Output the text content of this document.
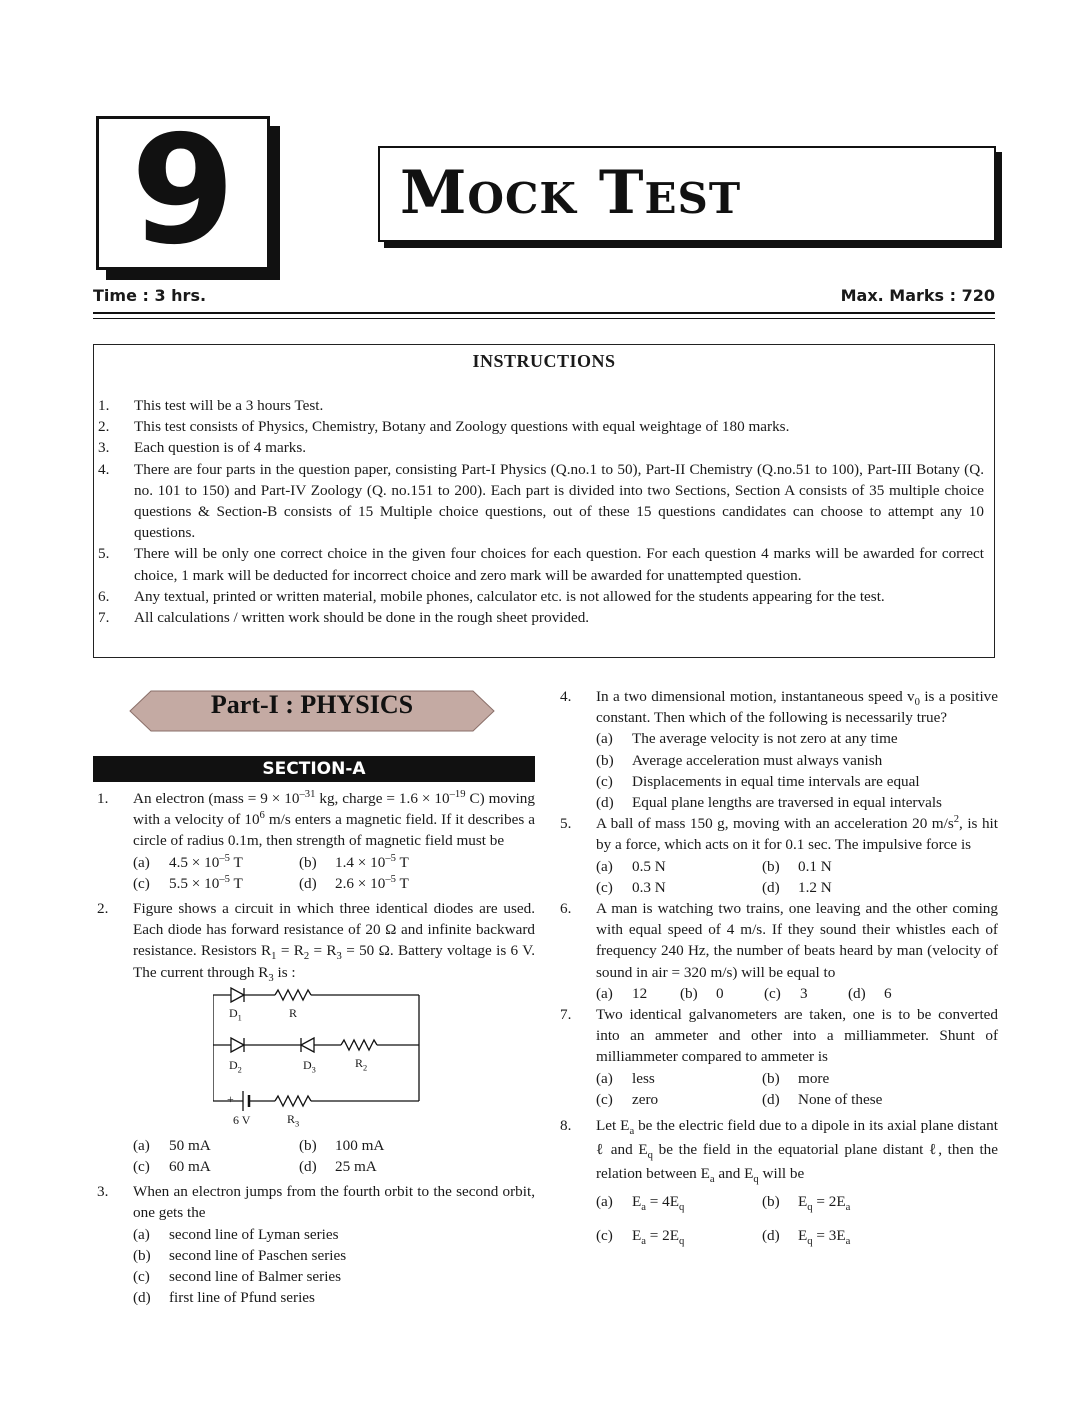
9	Mock Test
Time : 3 hrs.	Max. Marks : 720
INSTRUCTIONS
1. This test will be a 3 hours Test.
2. This test consists of Physics, Chemistry, Botany and Zoology questions with equal weightage of 180 marks.
3. Each question is of 4 marks.
4. There are four parts in the question paper, consisting Part-I Physics (Q.no.1 to 50), Part-II Chemistry (Q.no.51 to 100), Part-III Botany (Q. no. 101 to 150) and Part-IV Zoology (Q. no.151 to 200). Each part is divided into two Sections, Section A consists of 35 multiple choice questions & Section-B consists of 15 Multiple choice questions, out of these 15 questions candidates can choose to attempt any 10 questions.
5. There will be only one correct choice in the given four choices for each question. For each question 4 marks will be awarded for correct choice, 1 mark will be deducted for incorrect choice and zero mark will be awarded for unattempted question.
6. Any textual, printed or written material, mobile phones, calculator etc. is not allowed for the students appearing for the test.
7. All calculations / written work should be done in the rough sheet provided.
Part-I : PHYSICS
SECTION-A
1. An electron (mass = $9 \times 10^{-31}$ kg, charge = $1.6 \times 10^{-19}$ C) moving with a velocity of $10^6$ m/s enters a magnetic field. If it describes a circle of radius 0.1m, then strength of magnetic field must be
(a) $4.5 \times 10^{-5}$ T	(b) $1.4 \times 10^{-5}$ T
(c) $5.5 \times 10^{-5}$ T	(d) $2.6 \times 10^{-5}$ T
2. Figure shows a circuit in which three identical diodes are used. Each diode has forward resistance of 20 Ω and infinite backward resistance. Resistors $R_1 = R_2 = R_3 = 50$ Ω. Battery voltage is 6 V. The current through $R_3$ is :
$D_1$	R
$D_2$	$D_3$	$R_2$
+
6 V	$R_3$
(a) 50 mA	(b) 100 mA
(c) 60 mA	(d) 25 mA
3. When an electron jumps from the fourth orbit to the second orbit, one gets the
(a) second line of Lyman series
(b) second line of Paschen series
(c) second line of Balmer series
(d) first line of Pfund series
4. In a two dimensional motion, instantaneous speed $v_0$ is a positive constant. Then which of the following is necessarily true?
(a) The average velocity is not zero at any time
(b) Average acceleration must always vanish
(c) Displacements in equal time intervals are equal
(d) Equal plane lengths are traversed in equal intervals
5. A ball of mass 150 g, moving with an acceleration 20 $m/s^2$, is hit by a force, which acts on it for 0.1 sec. The impulsive force is
(a) 0.5 N	(b) 0.1 N
(c) 0.3 N	(d) 1.2 N
6. A man is watching two trains, one leaving and the other coming with equal speed of 4 m/s. If they sound their whistles each of frequency 240 Hz, the number of beats heard by man (velocity of sound in air = 320 m/s) will be equal to
(a) 12	(b) 0	(c) 3	(d) 6
7. Two identical galvanometers are taken, one is to be converted into an ammeter and other into a milliammeter. Shunt of milliammeter compared to ammeter is
(a) less	(b) more
(c) zero	(d) None of these
8. Let $E_a$ be the electric field due to a dipole in its axial plane distant ℓ and $E_q$ be the field in the equatorial plane distant ℓ, then the relation between $E_a$ and $E_q$ will be
(a) $E_a = 4E_q$	(b) $E_q = 2E_a$
(c) $E_a = 2E_q$	(d) $E_q = 3E_a$
